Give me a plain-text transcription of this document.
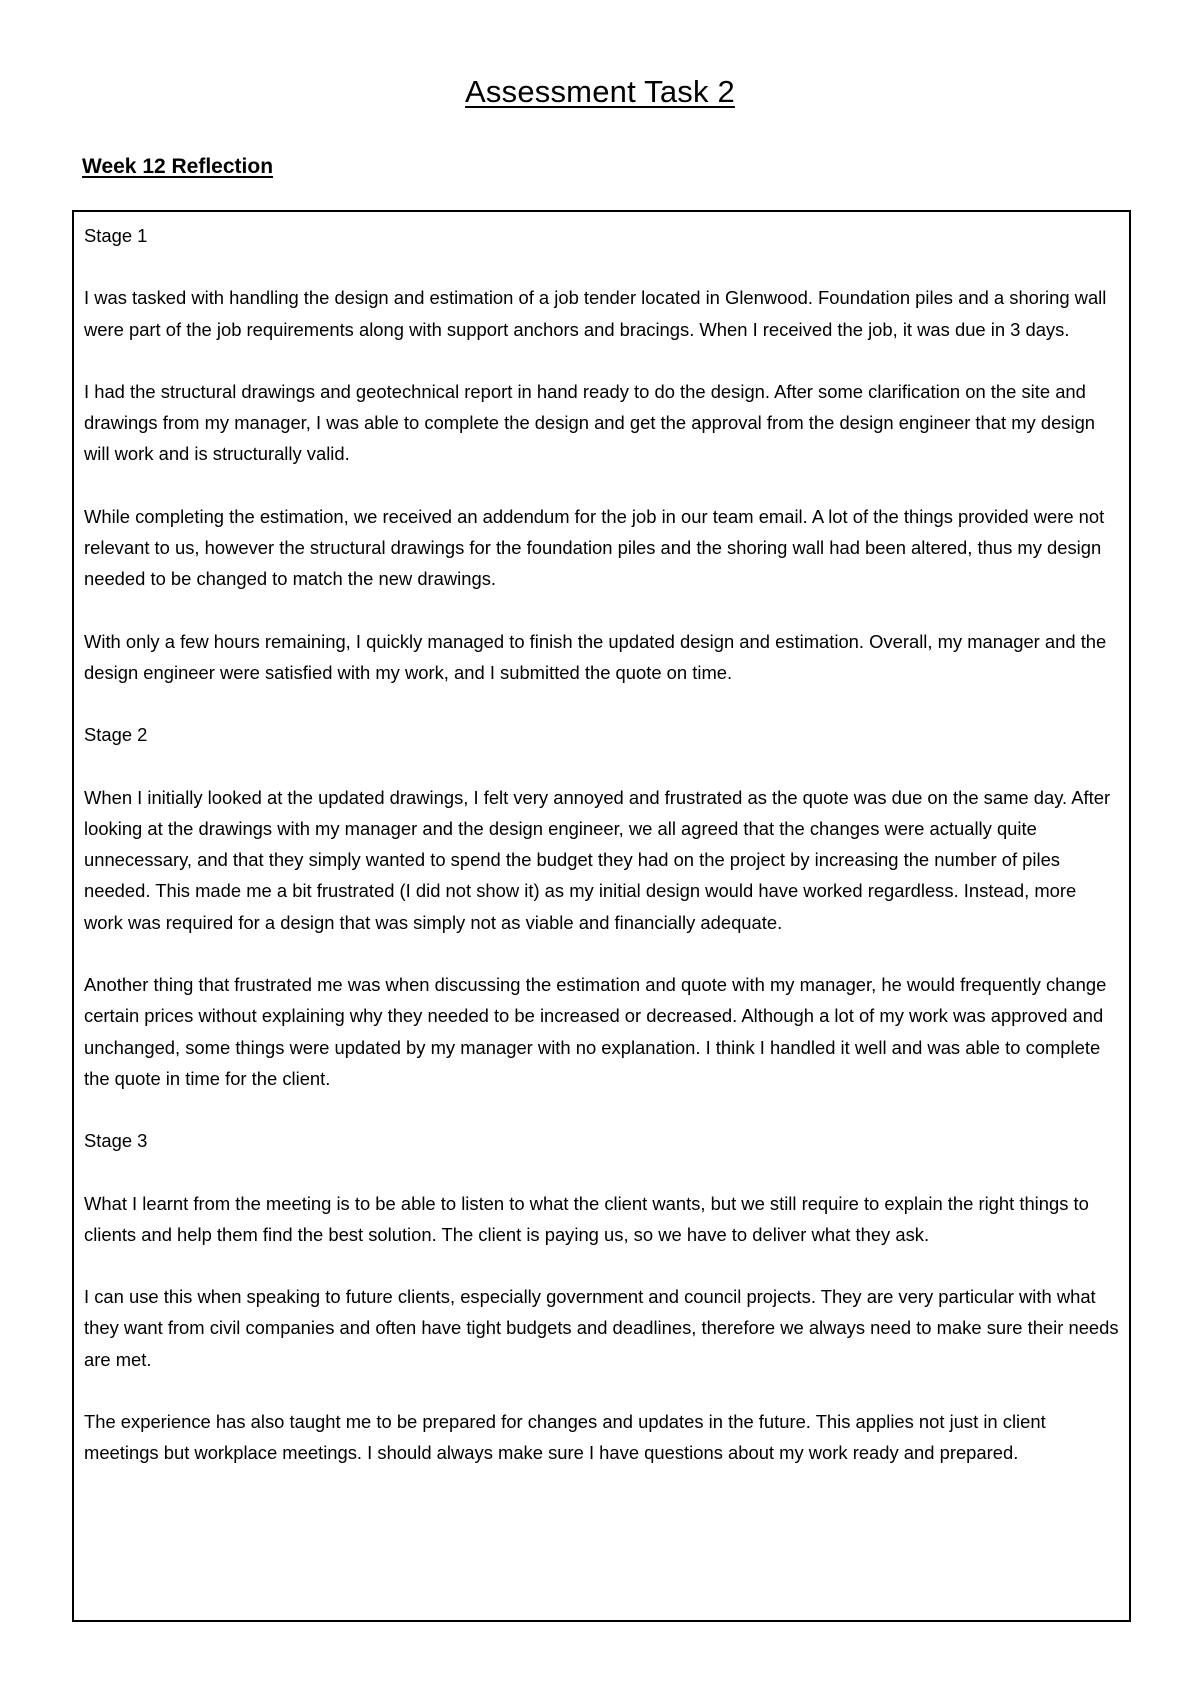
Assessment Task 2
Week 12 Reflection

Stage 1

I was tasked with handling the design and estimation of a job tender located in Glenwood. Foundation piles and a shoring wall were part of the job requirements along with support anchors and bracings. When I received the job, it was due in 3 days.

I had the structural drawings and geotechnical report in hand ready to do the design. After some clarification on the site and drawings from my manager, I was able to complete the design and get the approval from the design engineer that my design will work and is structurally valid.

While completing the estimation, we received an addendum for the job in our team email. A lot of the things provided were not relevant to us, however the structural drawings for the foundation piles and the shoring wall had been altered, thus my design needed to be changed to match the new drawings.

With only a few hours remaining, I quickly managed to finish the updated design and estimation. Overall, my manager and the design engineer were satisfied with my work, and I submitted the quote on time.

Stage 2

When I initially looked at the updated drawings, I felt very annoyed and frustrated as the quote was due on the same day. After looking at the drawings with my manager and the design engineer, we all agreed that the changes were actually quite unnecessary, and that they simply wanted to spend the budget they had on the project by increasing the number of piles needed. This made me a bit frustrated (I did not show it) as my initial design would have worked regardless. Instead, more work was required for a design that was simply not as viable and financially adequate.

Another thing that frustrated me was when discussing the estimation and quote with my manager, he would frequently change certain prices without explaining why they needed to be increased or decreased. Although a lot of my work was approved and unchanged, some things were updated by my manager with no explanation. I think I handled it well and was able to complete the quote in time for the client.

Stage 3

What I learnt from the meeting is to be able to listen to what the client wants, but we still require to explain the right things to clients and help them find the best solution. The client is paying us, so we have to deliver what they ask.

I can use this when speaking to future clients, especially government and council projects. They are very particular with what they want from civil companies and often have tight budgets and deadlines, therefore we always need to make sure their needs are met.

The experience has also taught me to be prepared for changes and updates in the future. This applies not just in client meetings but workplace meetings. I should always make sure I have questions about my work ready and prepared.
